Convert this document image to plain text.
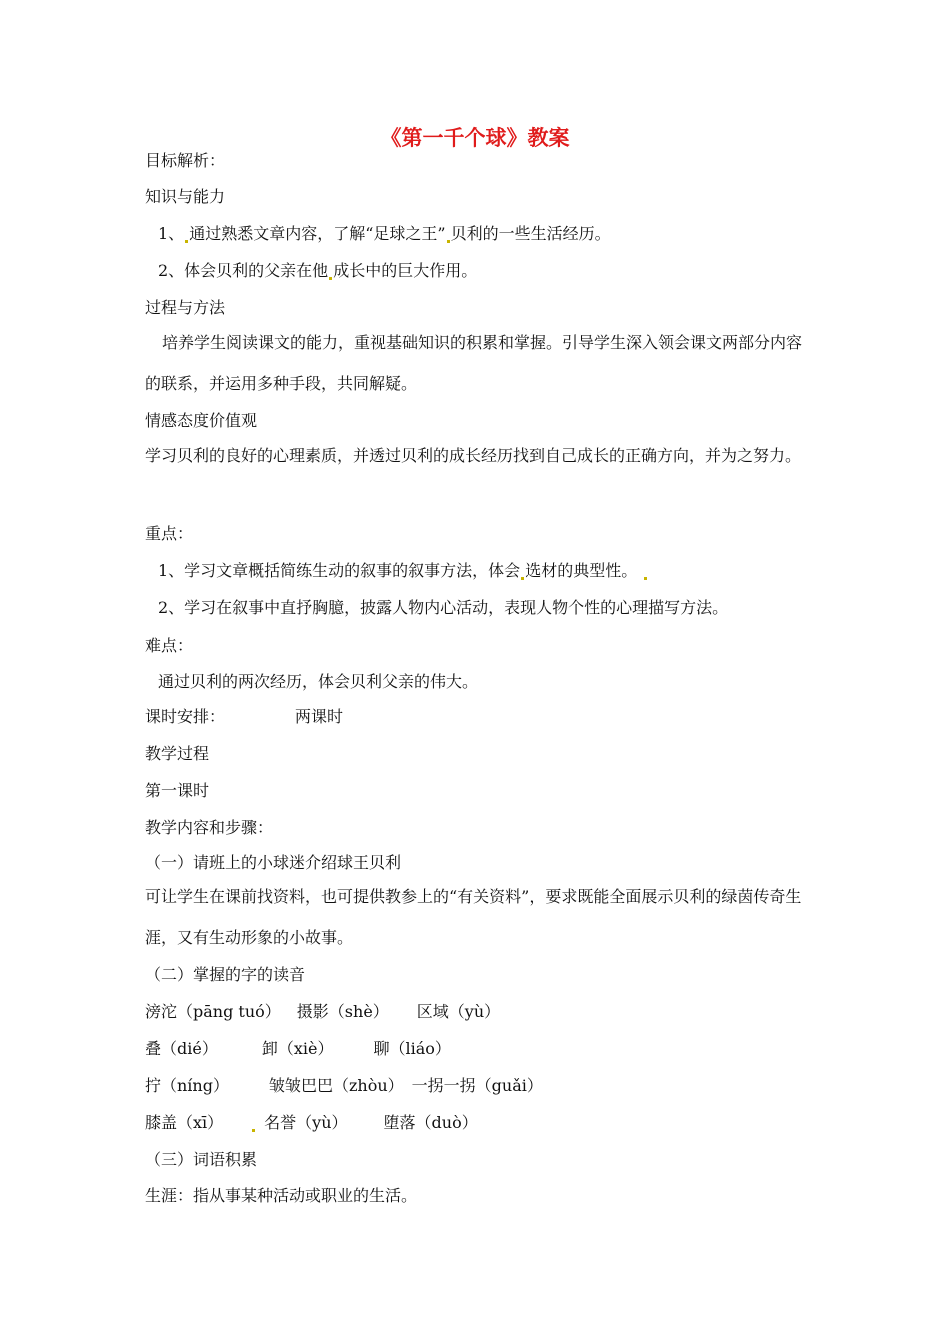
《第一千个球》教案
目标解析：
知识与能力
1、 通过熟悉文章内容，了解“足球之王” 贝利的一些生活经历。
2、体会贝利的父亲在他 成长中的巨大作用。
过程与方法
培养学生阅读课文的能力，重视基础知识的积累和掌握。引导学生深入领会课文两部分内容的联系，并运用多种手段，共同解疑。
情感态度价值观
学习贝利的良好的心理素质，并透过贝利的成长经历找到自己成长的正确方向，并为之努力。
重点：
1、学习文章概括简练生动的叙事的叙事方法，体会 选材的典型性。
2、学习在叙事中直抒胸臆，披露人物内心活动，表现人物个性的心理描写方法。
难点：
通过贝利的两次经历，体会贝利父亲的伟大。
课时安排：	两课时
教学过程
第一课时
教学内容和步骤：
（一）请班上的小球迷介绍球王贝利
可让学生在课前找资料，也可提供教参上的“有关资料”，要求既能全面展示贝利的绿茵传奇生涯，又有生动形象的小故事。
（二）掌握的字的读音
滂沱（pāng tuó） 摄影（shè） 区域（yù）
叠（dié）	卸（xiè）	聊（liáo）
拧（níng）	皱皱巴巴（zhòu） 一拐一拐（guǎi）
膝盖（xī）	名誉（yù） 堕落（duò）
（三）词语积累
生涯：指从事某种活动或职业的生活。
